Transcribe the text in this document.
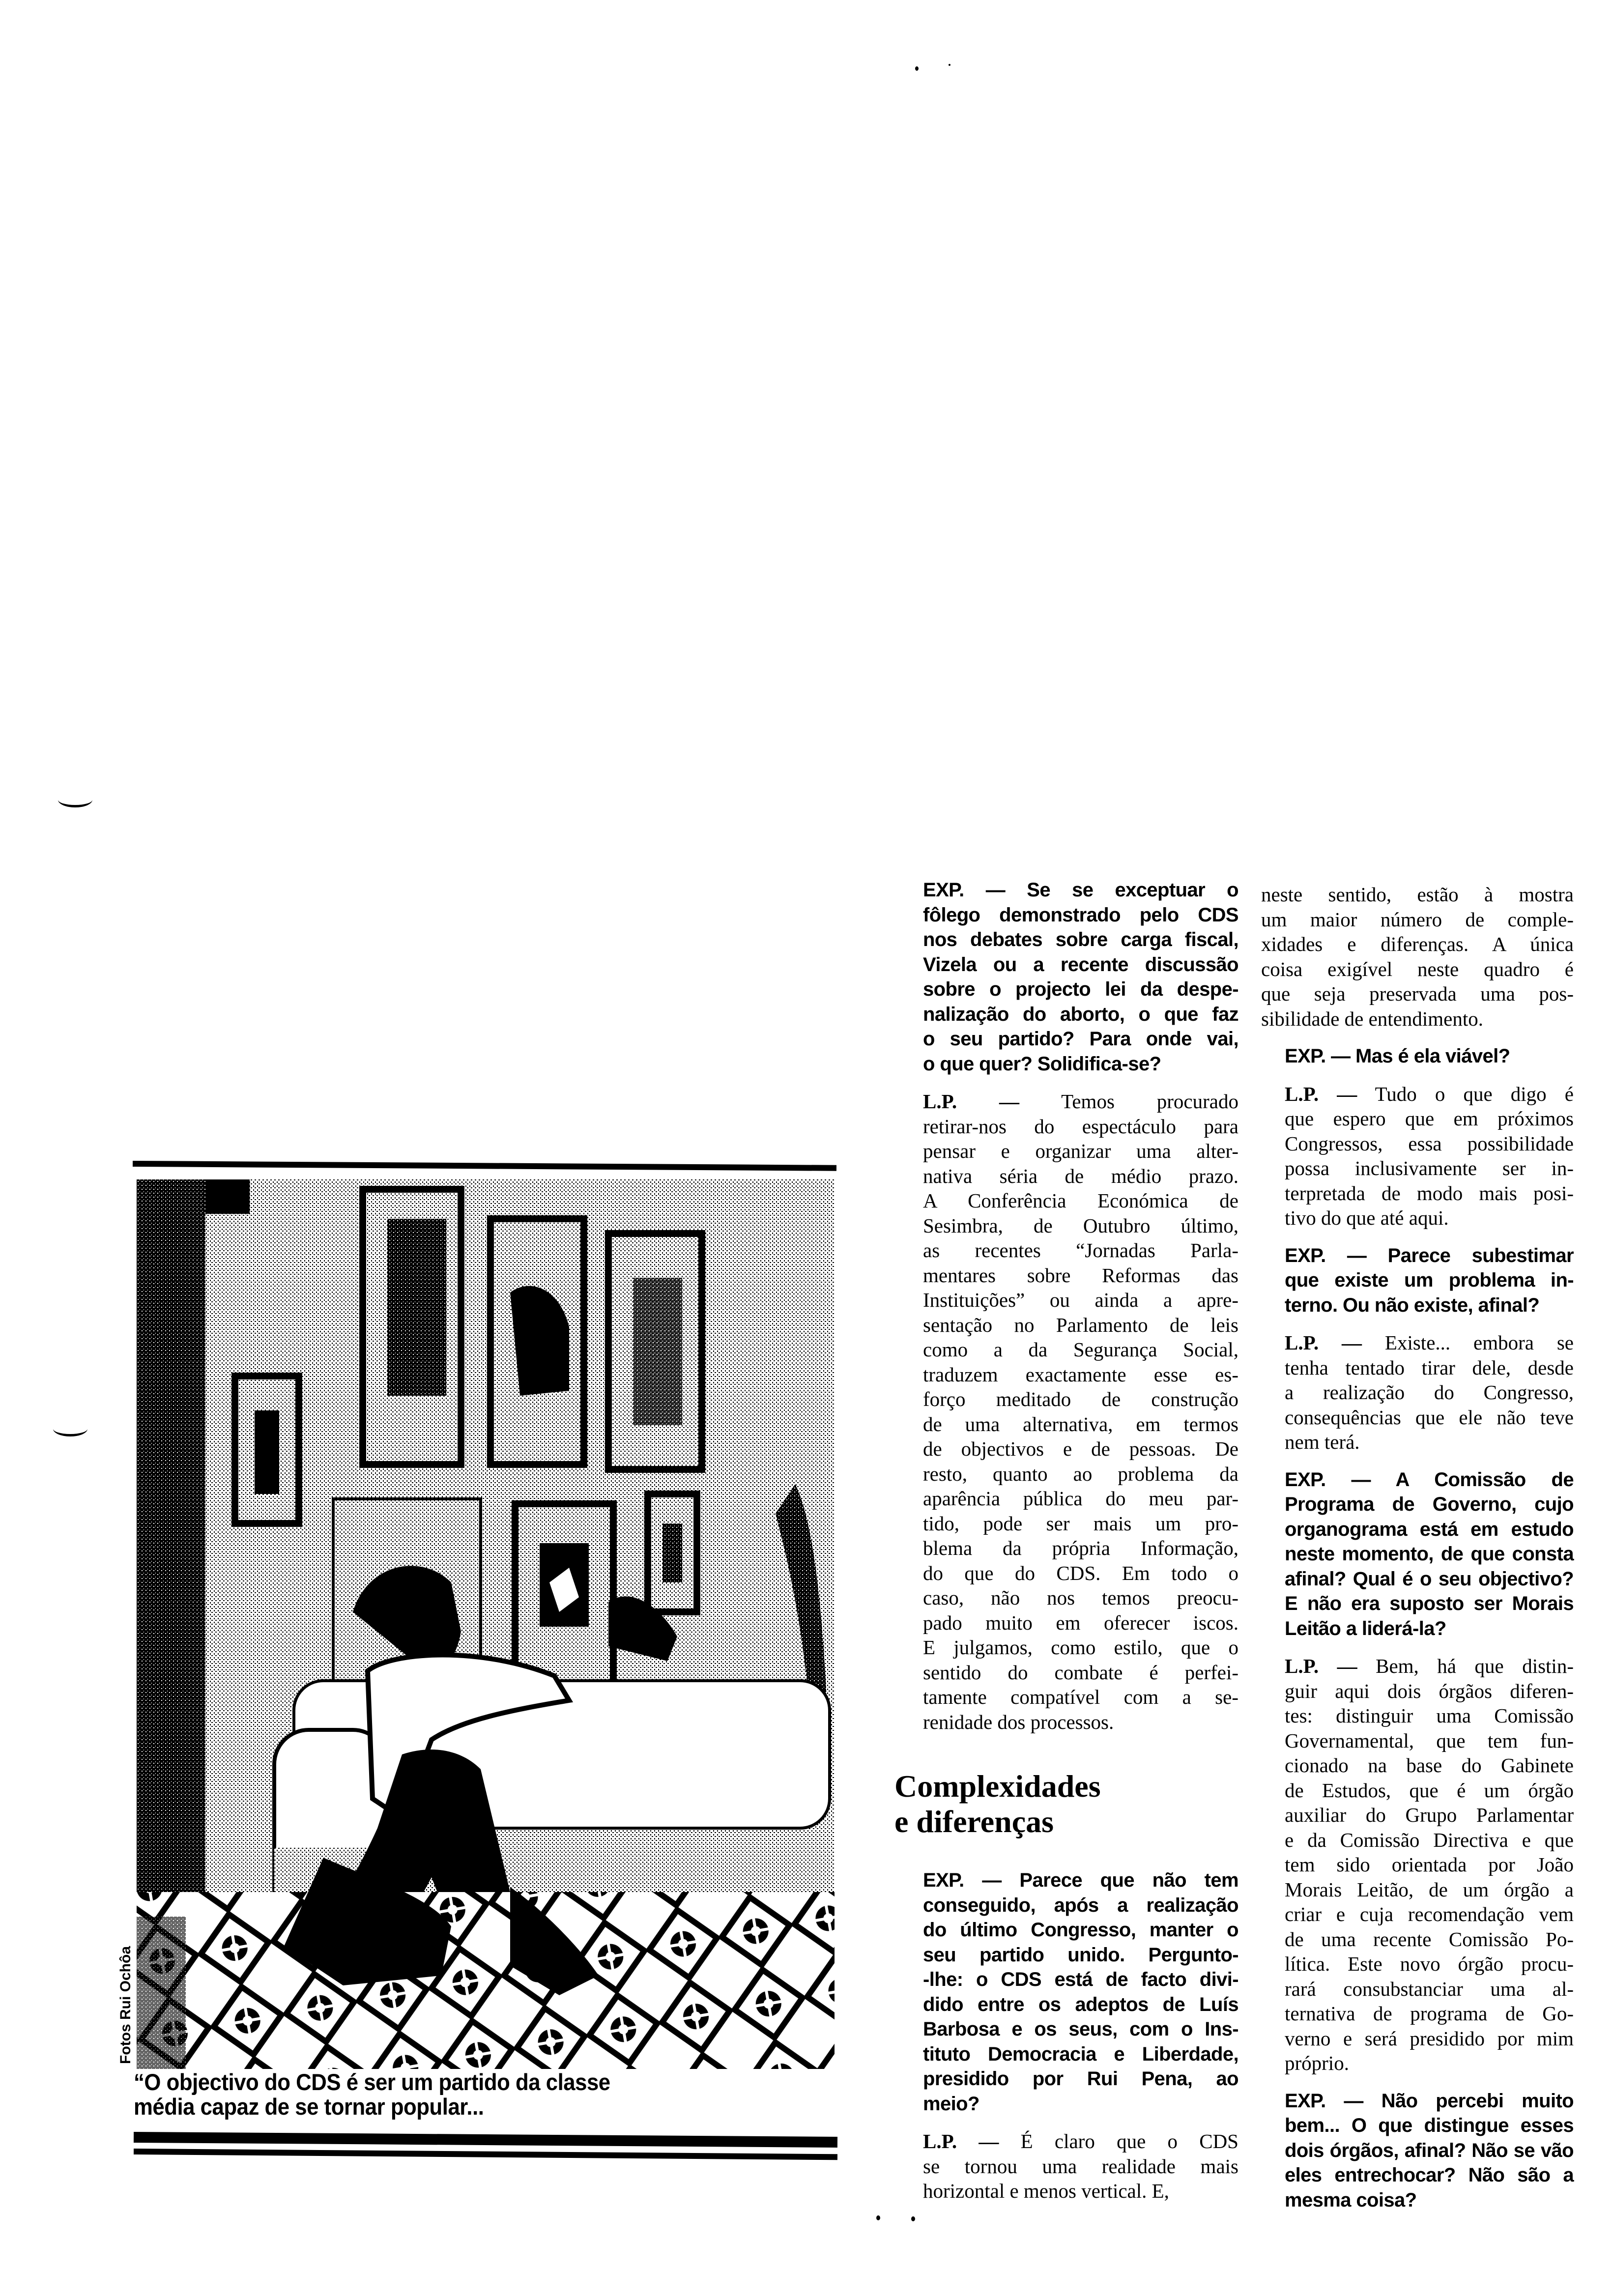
Fotos Rui Ochôa
“O objectivo do CDS é ser um partido da classe
média capaz de se tornar popular...
EXP. — Se se exceptuar o
fôlego demonstrado pelo CDS
nos debates sobre carga fiscal,
Vizela ou a recente discussão
sobre o projecto lei da despe-
nalização do aborto, o que faz
o seu partido? Para onde vai,
o que quer? Solidifica-se?
L.P. — Temos procurado
retirar-nos do espectáculo para
pensar e organizar uma alter-
nativa séria de médio prazo.
A Conferência Económica de
Sesimbra, de Outubro último,
as recentes “Jornadas Parla-
mentares sobre Reformas das
Instituições” ou ainda a apre-
sentação no Parlamento de leis
como a da Segurança Social,
traduzem exactamente esse es-
forço meditado de construção
de uma alternativa, em termos
de objectivos e de pessoas. De
resto, quanto ao problema da
aparência pública do meu par-
tido, pode ser mais um pro-
blema da própria Informação,
do que do CDS. Em todo o
caso, não nos temos preocu-
pado muito em oferecer iscos.
E julgamos, como estilo, que o
sentido do combate é perfei-
tamente compatível com a se-
renidade dos processos.
Complexidades
e diferenças
EXP. — Parece que não tem
conseguido, após a realização
do último Congresso, manter o
seu partido unido. Pergunto-
-lhe: o CDS está de facto divi-
dido entre os adeptos de Luís
Barbosa e os seus, com o Ins-
tituto Democracia e Liberdade,
presidido por Rui Pena, ao
meio?
L.P. — É claro que o CDS
se tornou uma realidade mais
horizontal e menos vertical. E,
neste sentido, estão à mostra
um maior número de comple-
xidades e diferenças. A única
coisa exigível neste quadro é
que seja preservada uma pos-
sibilidade de entendimento.
EXP. — Mas é ela viável?
L.P. — Tudo o que digo é
que espero que em próximos
Congressos, essa possibilidade
possa inclusivamente ser in-
terpretada de modo mais posi-
tivo do que até aqui.
EXP. — Parece subestimar
que existe um problema in-
terno. Ou não existe, afinal?
L.P. — Existe... embora se
tenha tentado tirar dele, desde
a realização do Congresso,
consequências que ele não teve
nem terá.
EXP. — A Comissão de
Programa de Governo, cujo
organograma está em estudo
neste momento, de que consta
afinal? Qual é o seu objectivo?
E não era suposto ser Morais
Leitão a liderá-la?
L.P. — Bem, há que distin-
guir aqui dois órgãos diferen-
tes: distinguir uma Comissão
Governamental, que tem fun-
cionado na base do Gabinete
de Estudos, que é um órgão
auxiliar do Grupo Parlamentar
e da Comissão Directiva e que
tem sido orientada por João
Morais Leitão, de um órgão a
criar e cuja recomendação vem
de uma recente Comissão Po-
lítica. Este novo órgão procu-
rará consubstanciar uma al-
ternativa de programa de Go-
verno e será presidido por mim
próprio.
EXP. — Não percebi muito
bem... O que distingue esses
dois órgãos, afinal? Não se vão
eles entrechocar? Não são a
mesma coisa?
